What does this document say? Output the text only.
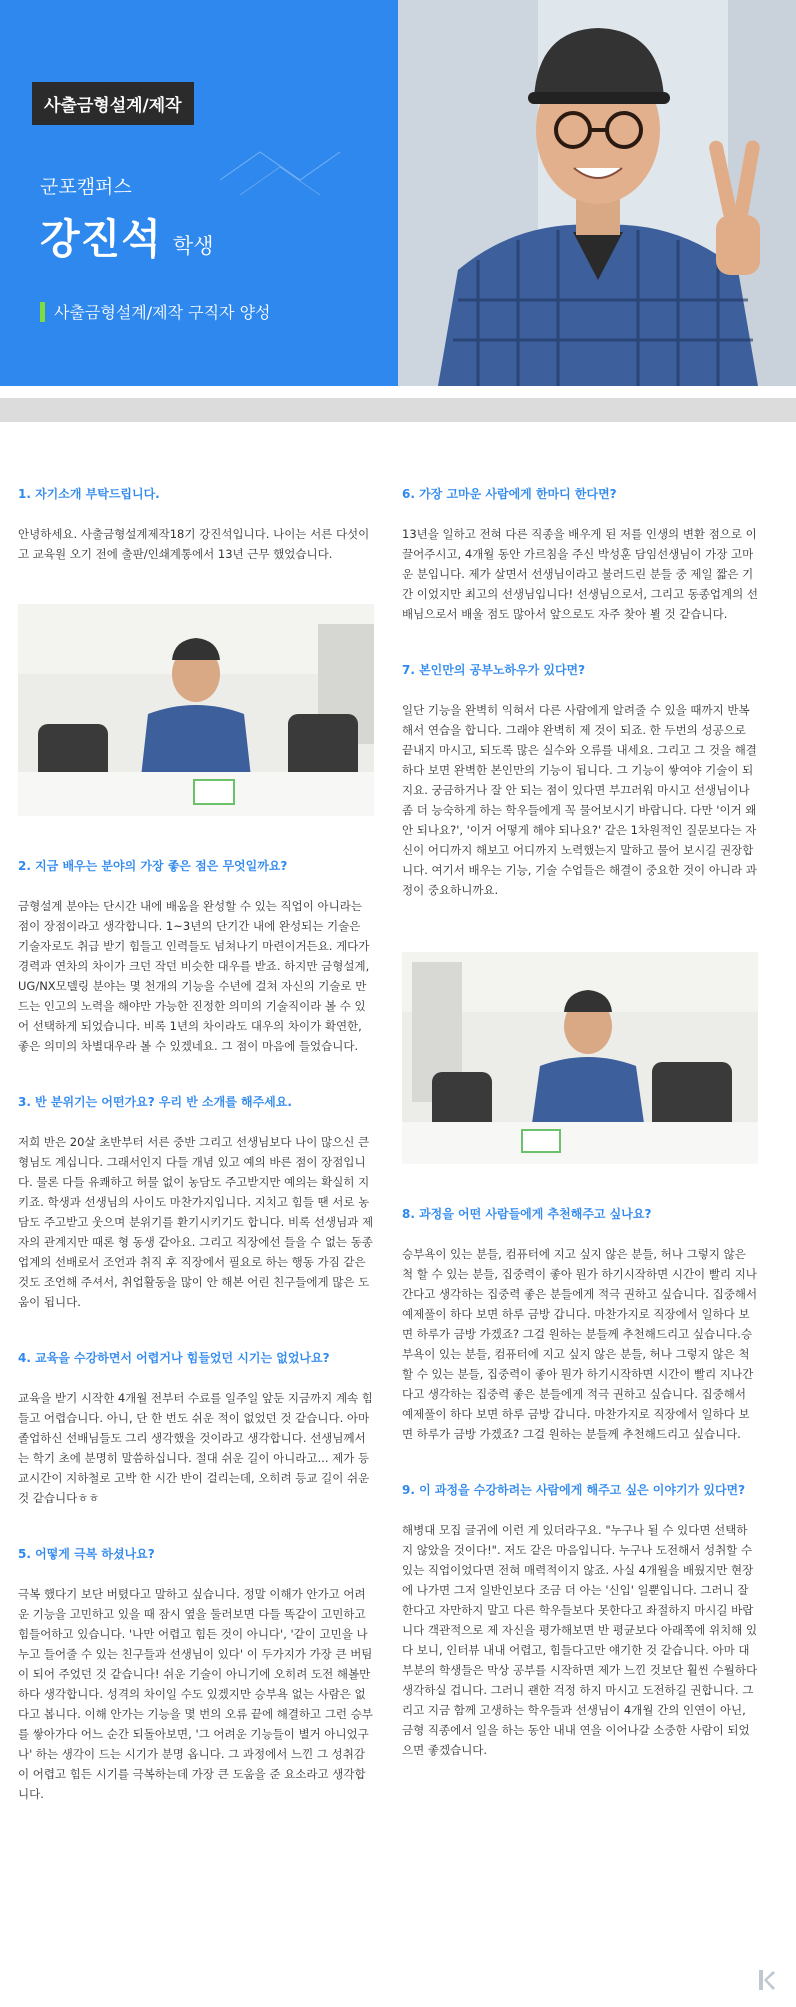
사출금형설계/제작
군포캠퍼스
강진석 학생
사출금형설계/제작 구직자 양성
1. 자기소개 부탁드립니다.
안녕하세요. 사출금형설계제작18기 강진석입니다. 나이는 서른 다섯이고 교육원 오기 전에 출판/인쇄계통에서 13년 근무 했었습니다.
2. 지금 배우는 분야의 가장 좋은 점은 무엇일까요?
금형설계 분야는 단시간 내에 배움을 완성할 수 있는 직업이 아니라는 점이 장점이라고 생각합니다. 1~3년의 단기간 내에 완성되는 기술은 기술자로도 취급 받기 힘들고 인력들도 넘쳐나기 마련이거든요. 게다가 경력과 연차의 차이가 크던 작던 비슷한 대우를 받죠. 하지만 금형설계, UG/NX모델링 분야는 몇 천개의 기능을 수년에 걸쳐 자신의 기술로 만드는 인고의 노력을 해야만 가능한 진정한 의미의 기술직이라 볼 수 있어 선택하게 되었습니다. 비록 1년의 차이라도 대우의 차이가 확연한, 좋은 의미의 차별대우라 볼 수 있겠네요. 그 점이 마음에 들었습니다.
3. 반 분위기는 어떤가요? 우리 반 소개를 해주세요.
저희 반은 20살 초반부터 서른 중반 그리고 선생님보다 나이 많으신 큰 형님도 계십니다. 그래서인지 다들 개념 있고 예의 바른 점이 장점입니다. 물론 다들 유쾌하고 허물 없이 농담도 주고받지만 예의는 확실히 지키죠. 학생과 선생님의 사이도 마찬가지입니다. 지치고 힘들 땐 서로 농담도 주고받고 웃으며 분위기를 환기시키기도 합니다. 비록 선생님과 제자의 관계지만 때론 형 동생 같아요. 그리고 직장에선 들을 수 없는 동종업계의 선배로서 조언과 취직 후 직장에서 필요로 하는 행동 가짐 같은 것도 조언해 주셔서, 취업활동을 많이 안 해본 어린 친구들에게 많은 도움이 됩니다.
4. 교육을 수강하면서 어렵거나 힘들었던 시기는 없었나요?
교육을 받기 시작한 4개월 전부터 수료를 일주일 앞둔 지금까지 계속 힘들고 어렵습니다. 아니, 단 한 번도 쉬운 적이 없었던 것 같습니다. 아마 졸업하신 선배님들도 그리 생각했을 것이라고 생각합니다. 선생님께서는 학기 초에 분명히 말씀하십니다. 절대 쉬운 길이 아니라고... 제가 등교시간이 지하철로 고박 한 시간 반이 걸리는데, 오히려 등교 길이 쉬운 것 같습니다ㅎㅎ
5. 어떻게 극복 하셨나요?
극복 했다기 보단 버텼다고 말하고 싶습니다. 정말 이해가 안가고 어려운 기능을 고민하고 있을 때 잠시 옆을 둘러보면 다들 똑같이 고민하고 힘들어하고 있습니다. '나만 어렵고 힘든 것이 아니다', '같이 고민을 나누고 들어줄 수 있는 친구들과 선생님이 있다' 이 두가지가 가장 큰 버팀이 되어 주었던 것 같습니다! 쉬운 기술이 아니기에 오히려 도전 해볼만하다 생각합니다. 성격의 차이일 수도 있겠지만 승부욕 없는 사람은 없다고 봅니다. 이해 안가는 기능을 몇 번의 오류 끝에 해결하고 그런 승부를 쌓아가다 어느 순간 되돌아보면, '그 어려운 기능들이 별거 아니었구나' 하는 생각이 드는 시기가 분명 옵니다. 그 과정에서 느낀 그 성취감이 어렵고 힘든 시기를 극복하는데 가장 큰 도움을 준 요소라고 생각합니다.
6. 가장 고마운 사람에게 한마디 한다면?
13년을 일하고 전혀 다른 직종을 배우게 된 저를 인생의 변환 점으로 이끌어주시고, 4개월 동안 가르침을 주신 박성훈 담임선생님이 가장 고마운 분입니다. 제가 살면서 선생님이라고 불러드린 분들 중 제일 짧은 기간 이었지만 최고의 선생님입니다! 선생님으로서, 그리고 동종업계의 선배님으로서 배울 점도 많아서 앞으로도 자주 찾아 뵐 것 같습니다.
7. 본인만의 공부노하우가 있다면?
일단 기능을 완벽히 익혀서 다른 사람에게 알려줄 수 있을 때까지 반복해서 연습을 합니다. 그래야 완벽히 제 것이 되죠. 한 두번의 성공으로 끝내지 마시고, 되도록 많은 실수와 오류를 내세요. 그리고 그 것을 해결하다 보면 완벽한 본인만의 기능이 됩니다. 그 기능이 쌓여야 기술이 되지요. 궁금하거나 잘 안 되는 점이 있다면 부끄러워 마시고 선생님이나 좀 더 능숙하게 하는 학우들에게 꼭 물어보시기 바랍니다. 다만 '이거 왜 안 되나요?', '이거 어떻게 해야 되나요?' 같은 1차원적인 질문보다는 자신이 어디까지 해보고 어디까지 노력했는지 말하고 물어 보시길 권장합니다. 여기서 배우는 기능, 기술 수업들은 해결이 중요한 것이 아니라 과정이 중요하니까요.
8. 과정을 어떤 사람들에게 추천해주고 싶나요?
승부욕이 있는 분들, 컴퓨터에 지고 싶지 않은 분들, 허나 그렇지 않은 척 할 수 있는 분들, 집중력이 좋아 뭔가 하기시작하면 시간이 빨리 지나간다고 생각하는 집중력 좋은 분들에게 적극 권하고 싶습니다. 집중해서 예제풀이 하다 보면 하루 금방 갑니다. 마찬가지로 직장에서 일하다 보면 하루가 금방 가겠죠? 그걸 원하는 분들께 추천해드리고 싶습니다.승부욕이 있는 분들, 컴퓨터에 지고 싶지 않은 분들, 허나 그렇지 않은 척 할 수 있는 분들, 집중력이 좋아 뭔가 하기시작하면 시간이 빨리 지나간다고 생각하는 집중력 좋은 분들에게 적극 권하고 싶습니다. 집중해서 예제풀이 하다 보면 하루 금방 갑니다. 마찬가지로 직장에서 일하다 보면 하루가 금방 가겠죠? 그걸 원하는 분들께 추천해드리고 싶습니다.
9. 이 과정을 수강하려는 사람에게 해주고 싶은 이야기가 있다면?
해병대 모집 글귀에 이런 게 있더라구요. "누구나 될 수 있다면 선택하지 않았을 것이다!". 저도 같은 마음입니다. 누구나 도전해서 성취할 수 있는 직업이었다면 전혀 매력적이지 않죠. 사실 4개월을 배웠지만 현장에 나가면 그저 일반인보다 조금 더 아는 '신입' 일뿐입니다. 그러니 잘한다고 자만하지 말고 다른 학우들보다 못한다고 좌절하지 마시길 바랍니다 객관적으로 제 자신을 평가해보면 반 평균보다 아래쪽에 위치해 있다 보니, 인터뷰 내내 어렵고, 힘들다고만 얘기한 것 같습니다. 아마 대부분의 학생들은 막상 공부를 시작하면 제가 느낀 것보단 훨씬 수월하다 생각하실 겁니다. 그러니 괜한 걱정 하지 마시고 도전하길 권합니다. 그리고 지금 함께 고생하는 학우들과 선생님이 4개월 간의 인연이 아닌, 금형 직종에서 일을 하는 동안 내내 연을 이어나갈 소중한 사람이 되었으면 좋겠습니다.
